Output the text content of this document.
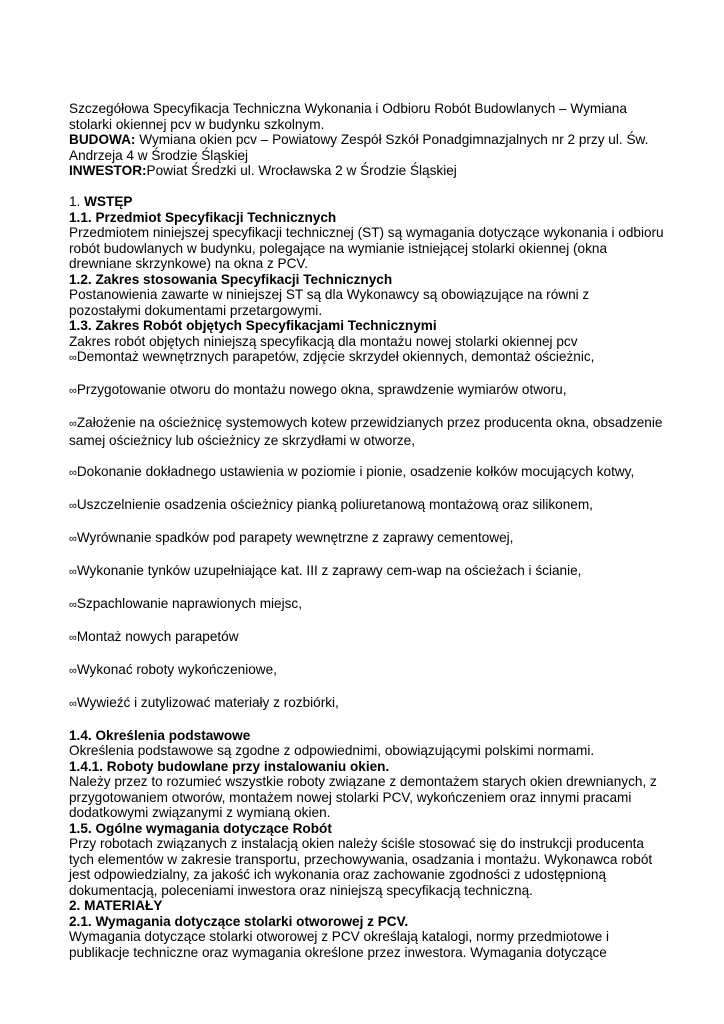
Szczegółowa Specyfikacja Techniczna Wykonania i Odbioru Robót Budowlanych – Wymiana

stolarki okiennej pcv w budynku szkolnym.

BUDOWA: Wymiana okien pcv – Powiatowy Zespół Szkół Ponadgimnazjalnych nr 2 przy ul. Św.

Andrzeja 4 w Środzie Śląskiej

INWESTOR:Powiat Średzki ul. Wrocławska 2 w Środzie Śląskiej

1. WSTĘP

1.1. Przedmiot Specyfikacji Technicznych

Przedmiotem niniejszej specyfikacji technicznej (ST) są wymagania dotyczące wykonania i odbioru

robót budowlanych w budynku, polegające na wymianie istniejącej stolarki okiennej (okna

drewniane skrzynkowe) na okna z PCV.

1.2. Zakres stosowania Specyfikacji Technicznych

Postanowienia zawarte w niniejszej ST są dla Wykonawcy są obowiązujące na równi z

pozostałymi dokumentami przetargowymi.

1.3. Zakres Robót objętych Specyfikacjami Technicznymi

Zakres robót objętych niniejszą specyfikacją dla montażu nowej stolarki okiennej pcv

∞Demontaż wewnętrznych parapetów, zdjęcie skrzydeł okiennych, demontaż ościeżnic,

∞Przygotowanie otworu do montażu nowego okna, sprawdzenie wymiarów otworu,

∞Założenie na ościeżnicę systemowych kotew przewidzianych przez producenta okna, obsadzenie

samej ościeżnicy lub ościeżnicy ze skrzydłami w otworze,

∞Dokonanie dokładnego ustawienia w poziomie i pionie, osadzenie kołków mocujących kotwy,

∞Uszczelnienie osadzenia ościeżnicy pianką poliuretanową montażową oraz silikonem,

∞Wyrównanie spadków pod parapety wewnętrzne z zaprawy cementowej,

∞Wykonanie tynków uzupełniające kat. III z zaprawy cem-wap na ościeżach i ścianie,

∞Szpachlowanie naprawionych miejsc,

∞Montaż nowych parapetów

∞Wykonać roboty wykończeniowe,

∞Wywieźć i zutylizować materiały z rozbiórki,

1.4. Określenia podstawowe

Określenia podstawowe są zgodne z odpowiednimi, obowiązującymi polskimi normami.

1.4.1. Roboty budowlane przy instalowaniu okien.

Należy przez to rozumieć wszystkie roboty związane z demontażem starych okien drewnianych, z

przygotowaniem otworów, montażem nowej stolarki PCV, wykończeniem oraz innymi pracami

dodatkowymi związanymi z wymianą okien.

1.5. Ogólne wymagania dotyczące Robót

Przy robotach związanych z instalacją okien należy ściśle stosować się do instrukcji producenta

tych elementów w zakresie transportu, przechowywania, osadzania i montażu. Wykonawca robót

jest odpowiedzialny, za jakość ich wykonania oraz zachowanie zgodności z udostępnioną

dokumentacją, poleceniami inwestora oraz niniejszą specyfikacją techniczną.

2. MATERIAŁY

2.1. Wymagania dotyczące stolarki otworowej z PCV.

Wymagania dotyczące stolarki otworowej z PCV określają katalogi, normy przedmiotowe i

publikacje techniczne oraz wymagania określone przez inwestora. Wymagania dotyczące
